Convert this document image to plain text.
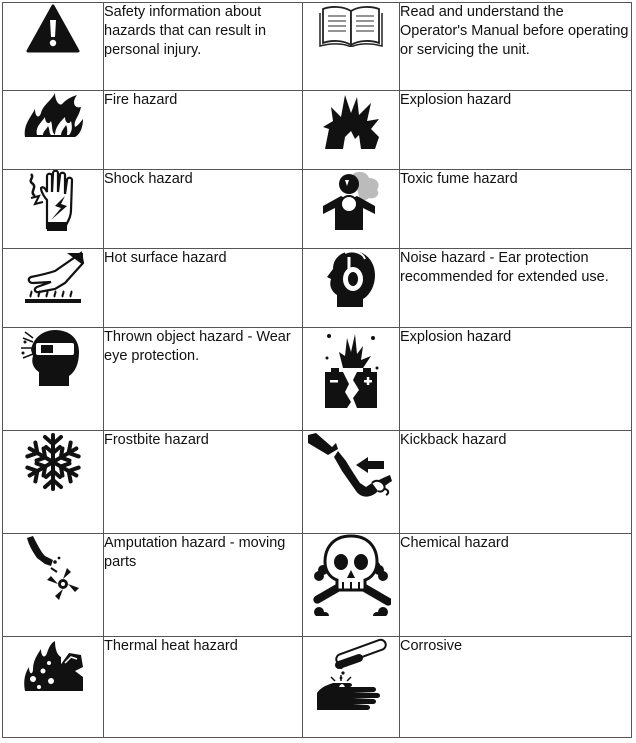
	Safety information about hazards that can result in personal injury.		Read and understand the Operator's Manual before operating or servicing the unit.

	Fire hazard		Explosion hazard

	Shock hazard		Toxic fume hazard

	Hot surface hazard		Noise hazard - Ear protection recommended for extended use.

	Thrown object hazard - Wear eye protection.		Explosion hazard

	Frostbite hazard		Kickback hazard

	Amputation hazard - moving parts		Chemical hazard

	Thermal heat hazard		Corrosive
